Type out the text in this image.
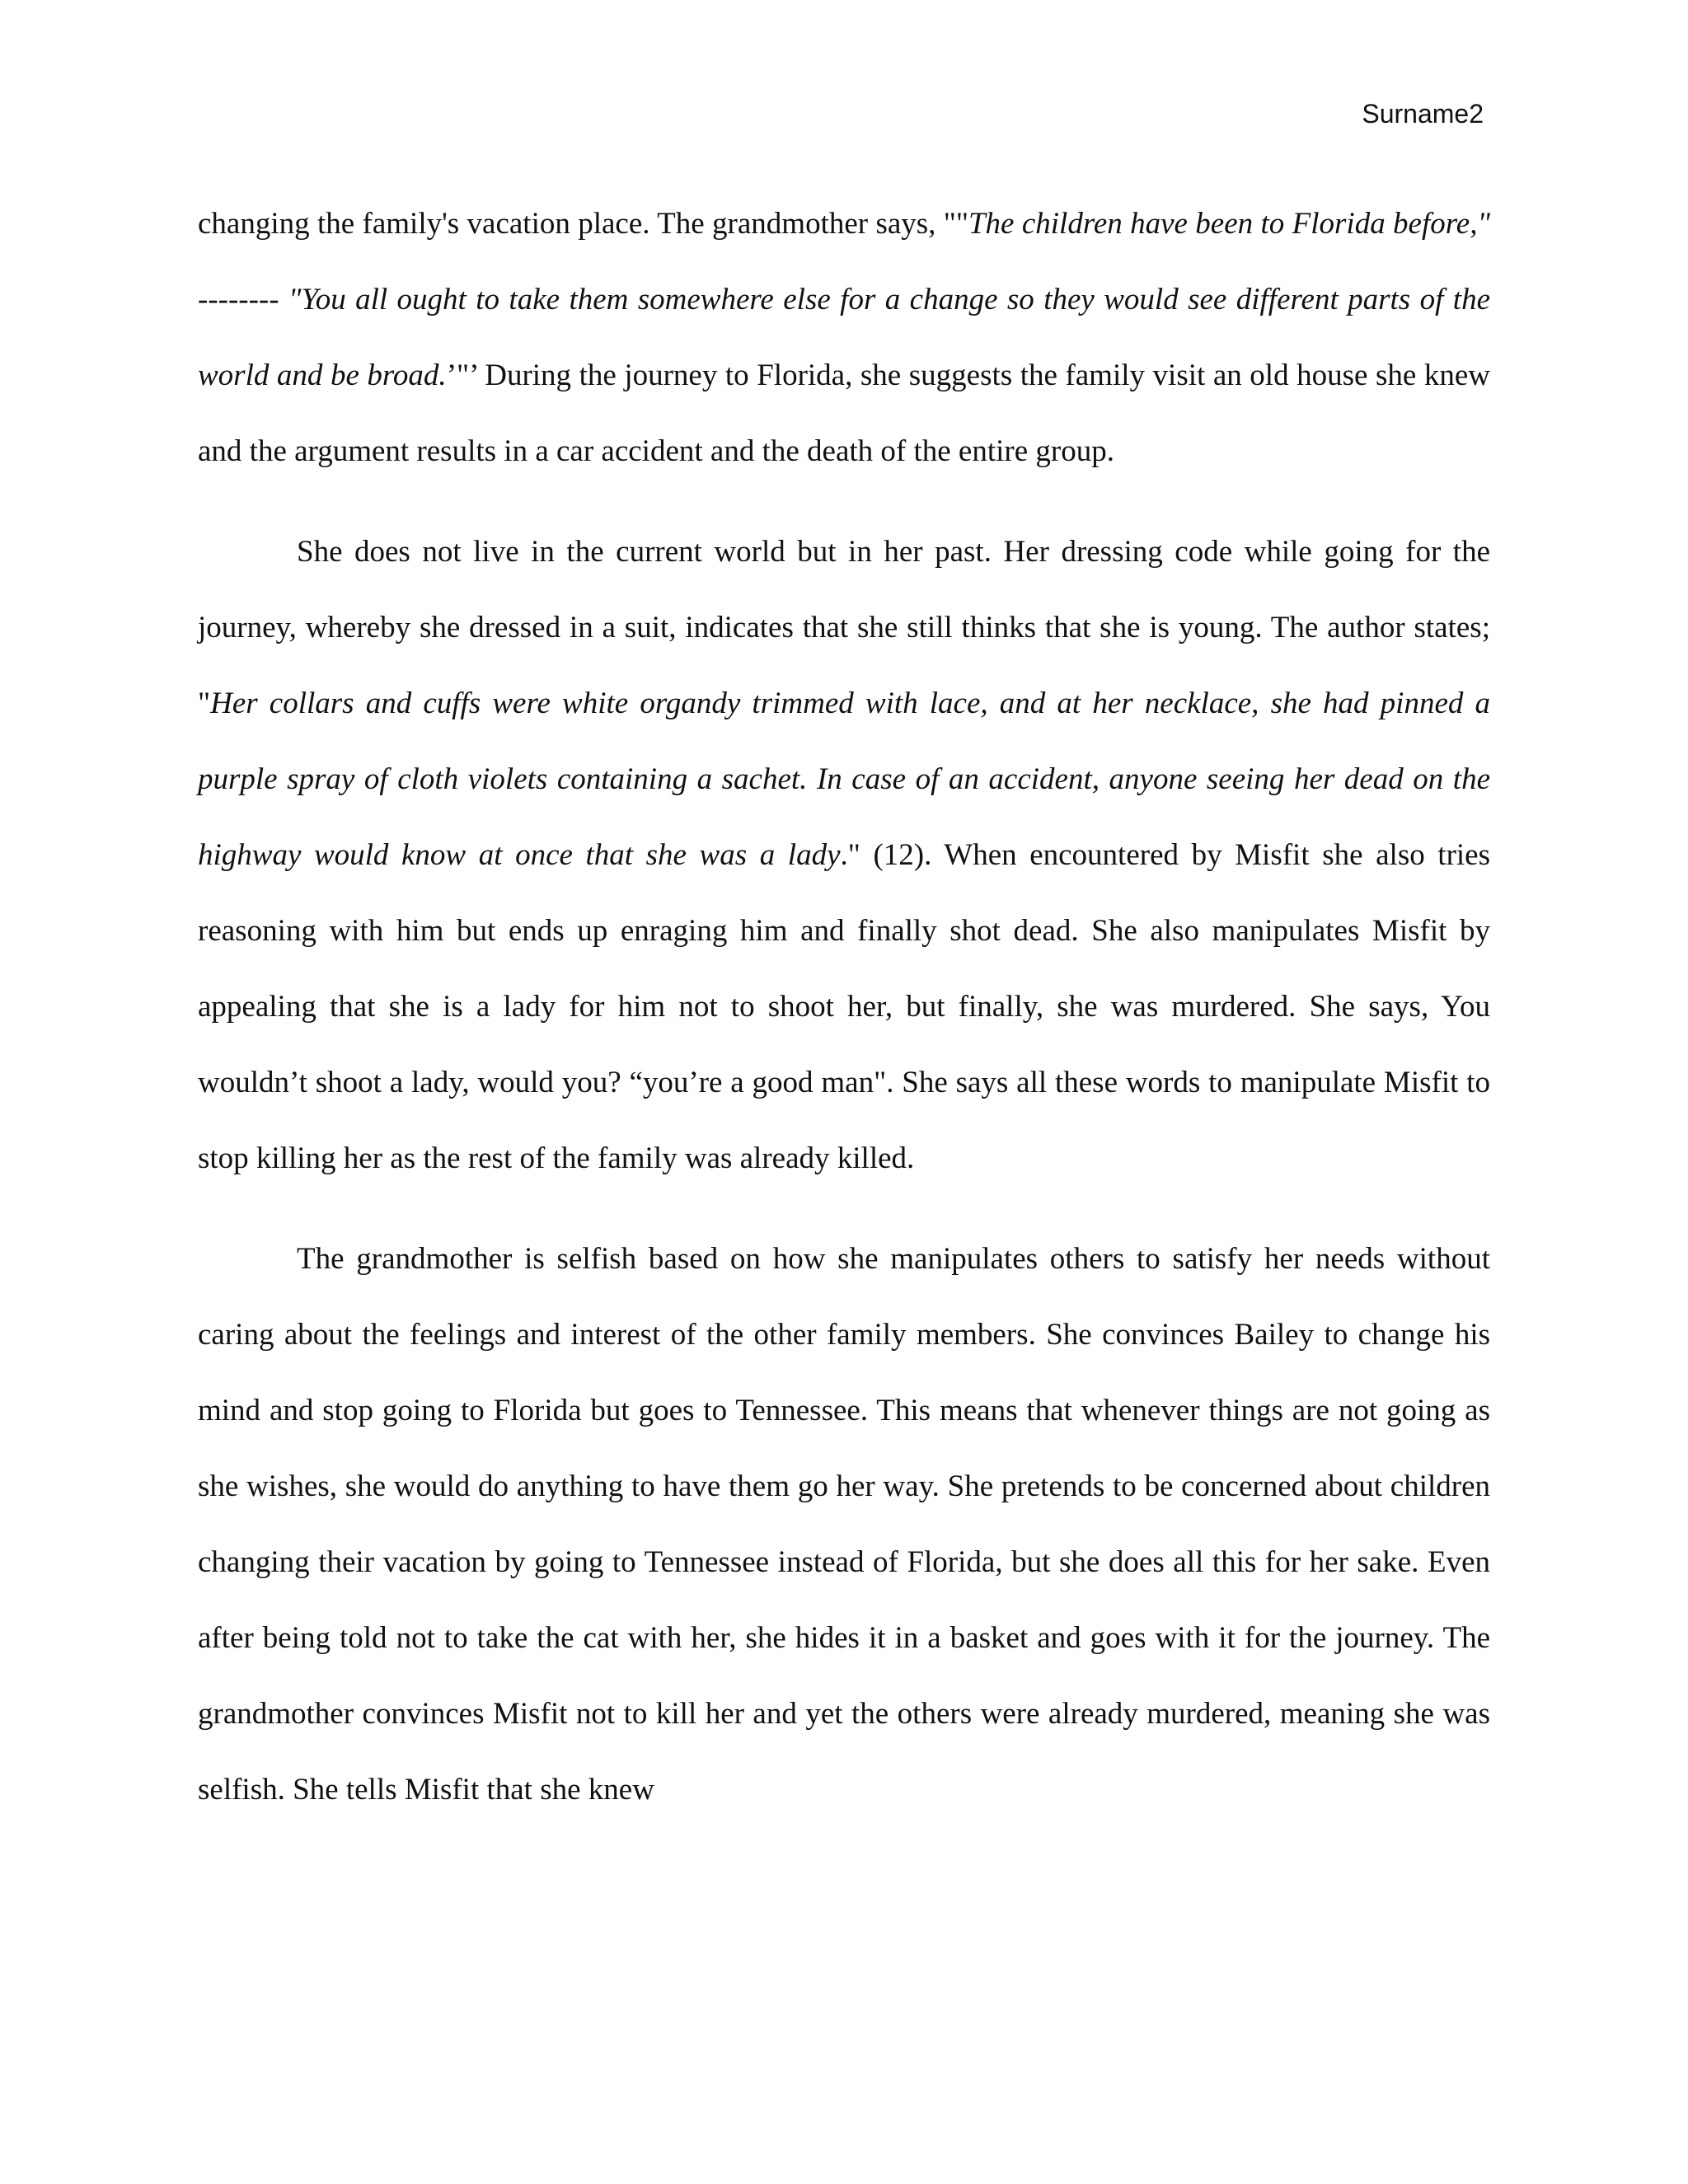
Surname2

changing the family's vacation place. The grandmother says, ""The children have been to Florida before," -------- "You all ought to take them somewhere else for a change so they would see different parts of the world and be broad.’"’ During the journey to Florida, she suggests the family visit an old house she knew and the argument results in a car accident and the death of the entire group.

She does not live in the current world but in her past. Her dressing code while going for the journey, whereby she dressed in a suit, indicates that she still thinks that she is young. The author states; "Her collars and cuffs were white organdy trimmed with lace, and at her necklace, she had pinned a purple spray of cloth violets containing a sachet. In case of an accident, anyone seeing her dead on the highway would know at once that she was a lady." (12). When encountered by Misfit she also tries reasoning with him but ends up enraging him and finally shot dead. She also manipulates Misfit by appealing that she is a lady for him not to shoot her, but finally, she was murdered. She says, You wouldn’t shoot a lady, would you? “you’re a good man". She says all these words to manipulate Misfit to stop killing her as the rest of the family was already killed.

The grandmother is selfish based on how she manipulates others to satisfy her needs without caring about the feelings and interest of the other family members. She convinces Bailey to change his mind and stop going to Florida but goes to Tennessee. This means that whenever things are not going as she wishes, she would do anything to have them go her way. She pretends to be concerned about children changing their vacation by going to Tennessee instead of Florida, but she does all this for her sake. Even after being told not to take the cat with her, she hides it in a basket and goes with it for the journey. The grandmother convinces Misfit not to kill her and yet the others were already murdered, meaning she was selfish. She tells Misfit that she knew
